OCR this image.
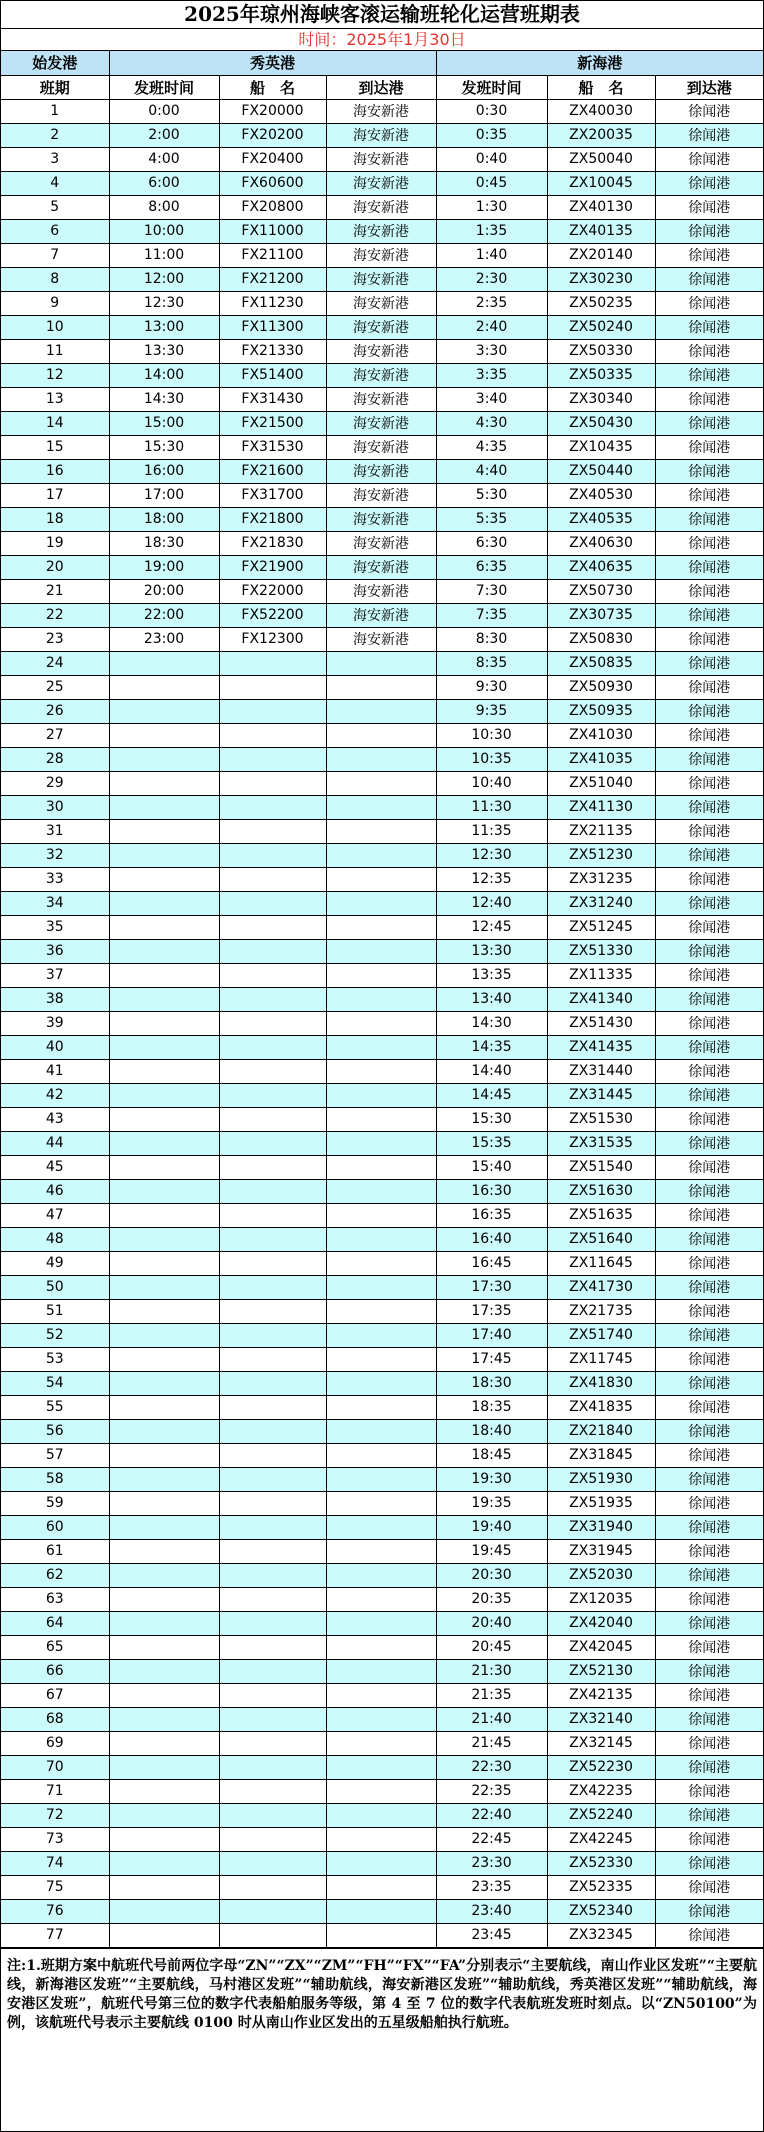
2025年琼州海峡客滚运输班轮化运营班期表
时间：2025年1月30日
始发港	秀英港			新海港		
班期	发班时间	船　名	到达港	发班时间	船　名	到达港
1	0:00	FX20000	海安新港	0:30	ZX40030	徐闻港
2	2:00	FX20200	海安新港	0:35	ZX20035	徐闻港
3	4:00	FX20400	海安新港	0:40	ZX50040	徐闻港
4	6:00	FX60600	海安新港	0:45	ZX10045	徐闻港
5	8:00	FX20800	海安新港	1:30	ZX40130	徐闻港
6	10:00	FX11000	海安新港	1:35	ZX40135	徐闻港
7	11:00	FX21100	海安新港	1:40	ZX20140	徐闻港
8	12:00	FX21200	海安新港	2:30	ZX30230	徐闻港
9	12:30	FX11230	海安新港	2:35	ZX50235	徐闻港
10	13:00	FX11300	海安新港	2:40	ZX50240	徐闻港
11	13:30	FX21330	海安新港	3:30	ZX50330	徐闻港
12	14:00	FX51400	海安新港	3:35	ZX50335	徐闻港
13	14:30	FX31430	海安新港	3:40	ZX30340	徐闻港
14	15:00	FX21500	海安新港	4:30	ZX50430	徐闻港
15	15:30	FX31530	海安新港	4:35	ZX10435	徐闻港
16	16:00	FX21600	海安新港	4:40	ZX50440	徐闻港
17	17:00	FX31700	海安新港	5:30	ZX40530	徐闻港
18	18:00	FX21800	海安新港	5:35	ZX40535	徐闻港
19	18:30	FX21830	海安新港	6:30	ZX40630	徐闻港
20	19:00	FX21900	海安新港	6:35	ZX40635	徐闻港
21	20:00	FX22000	海安新港	7:30	ZX50730	徐闻港
22	22:00	FX52200	海安新港	7:35	ZX30735	徐闻港
23	23:00	FX12300	海安新港	8:30	ZX50830	徐闻港
24				8:35	ZX50835	徐闻港
25				9:30	ZX50930	徐闻港
26				9:35	ZX50935	徐闻港
27				10:30	ZX41030	徐闻港
28				10:35	ZX41035	徐闻港
29				10:40	ZX51040	徐闻港
30				11:30	ZX41130	徐闻港
31				11:35	ZX21135	徐闻港
32				12:30	ZX51230	徐闻港
33				12:35	ZX31235	徐闻港
34				12:40	ZX31240	徐闻港
35				12:45	ZX51245	徐闻港
36				13:30	ZX51330	徐闻港
37				13:35	ZX11335	徐闻港
38				13:40	ZX41340	徐闻港
39				14:30	ZX51430	徐闻港
40				14:35	ZX41435	徐闻港
41				14:40	ZX31440	徐闻港
42				14:45	ZX31445	徐闻港
43				15:30	ZX51530	徐闻港
44				15:35	ZX31535	徐闻港
45				15:40	ZX51540	徐闻港
46				16:30	ZX51630	徐闻港
47				16:35	ZX51635	徐闻港
48				16:40	ZX51640	徐闻港
49				16:45	ZX11645	徐闻港
50				17:30	ZX41730	徐闻港
51				17:35	ZX21735	徐闻港
52				17:40	ZX51740	徐闻港
53				17:45	ZX11745	徐闻港
54				18:30	ZX41830	徐闻港
55				18:35	ZX41835	徐闻港
56				18:40	ZX21840	徐闻港
57				18:45	ZX31845	徐闻港
58				19:30	ZX51930	徐闻港
59				19:35	ZX51935	徐闻港
60				19:40	ZX31940	徐闻港
61				19:45	ZX31945	徐闻港
62				20:30	ZX52030	徐闻港
63				20:35	ZX12035	徐闻港
64				20:40	ZX42040	徐闻港
65				20:45	ZX42045	徐闻港
66				21:30	ZX52130	徐闻港
67				21:35	ZX42135	徐闻港
68				21:40	ZX32140	徐闻港
69				21:45	ZX32145	徐闻港
70				22:30	ZX52230	徐闻港
71				22:35	ZX42235	徐闻港
72				22:40	ZX52240	徐闻港
73				22:45	ZX42245	徐闻港
74				23:30	ZX52330	徐闻港
75				23:35	ZX52335	徐闻港
76				23:40	ZX52340	徐闻港
77				23:45	ZX32345	徐闻港
注:1.班期方案中航班代号前两位字母“ZN”“ZX”“ZM”“FH”“FX”“FA”分别表示“主要航线，南山作业区发班”“主要航线，新海港区发班”“主要航线，马村港区发班”“辅助航线，海安新港区发班”“辅助航线，秀英港区发班”“辅助航线，海安港区发班”，航班代号第三位的数字代表船舶服务等级，第 4 至 7 位的数字代表航班发班时刻点。以“ZN50100”为例，该航班代号表示主要航线 0100 时从南山作业区发出的五星级船舶执行航班。
